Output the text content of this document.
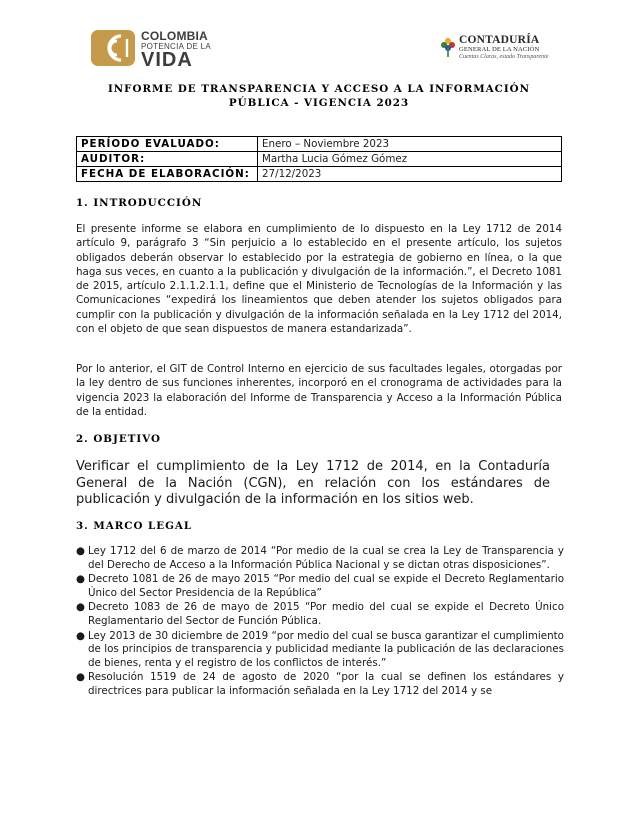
COLOMBIA
POTENCIA DE LA
VIDA
CONTADURÍA
GENERAL DE LA NACIÓN
Cuentas Claras, estado Transparente
INFORME DE TRANSPARENCIA Y ACCESO A LA INFORMACIÓN
PÚBLICA - VIGENCIA 2023
PERÍODO EVALUADO:	Enero – Noviembre 2023
AUDITOR:	Martha Lucia Gómez Gómez
FECHA DE ELABORACIÓN:	27/12/2023
1. INTRODUCCIÓN
El presente informe se elabora en cumplimiento de lo dispuesto en la Ley 1712 de 2014 artículo 9, parágrafo 3 “Sin perjuicio a lo establecido en el presente artículo, los sujetos obligados deberán observar lo establecido por la estrategia de gobierno en línea, o la que haga sus veces, en cuanto a la publicación y divulgación de la información.”, el Decreto 1081 de 2015, artículo 2.1.1.2.1.1, define que el Ministerio de Tecnologías de la Información y las Comunicaciones “expedirá los lineamientos que deben atender los sujetos obligados para cumplir con la publicación y divulgación de la información señalada en la Ley 1712 del 2014, con el objeto de que sean dispuestos de manera estandarizada”.
Por lo anterior, el GIT de Control Interno en ejercicio de sus facultades legales, otorgadas por la ley dentro de sus funciones inherentes, incorporó en el cronograma de actividades para la vigencia 2023 la elaboración del Informe de Transparencia y Acceso a la Información Pública de la entidad.
2. OBJETIVO
Verificar el cumplimiento de la Ley 1712 de 2014, en la Contaduría General de la Nación (CGN), en relación con los estándares de publicación y divulgación de la información en los sitios web.
3. MARCO LEGAL
● Ley 1712 del 6 de marzo de 2014 “Por medio de la cual se crea la Ley de Transparencia y del Derecho de Acceso a la Información Pública Nacional y se dictan otras disposiciones”.
● Decreto 1081 de 26 de mayo 2015 “Por medio del cual se expide el Decreto Reglamentario Único del Sector Presidencia de la República”
● Decreto 1083 de 26 de mayo de 2015 “Por medio del cual se expide el Decreto Único Reglamentario del Sector de Función Pública.
● Ley 2013 de 30 diciembre de 2019 “por medio del cual se busca garantizar el cumplimiento de los principios de transparencia y publicidad mediante la publicación de las declaraciones de bienes, renta y el registro de los conflictos de interés.”
● Resolución 1519 de 24 de agosto de 2020 “por la cual se definen los estándares y directrices para publicar la información señalada en la Ley 1712 del 2014 y se
